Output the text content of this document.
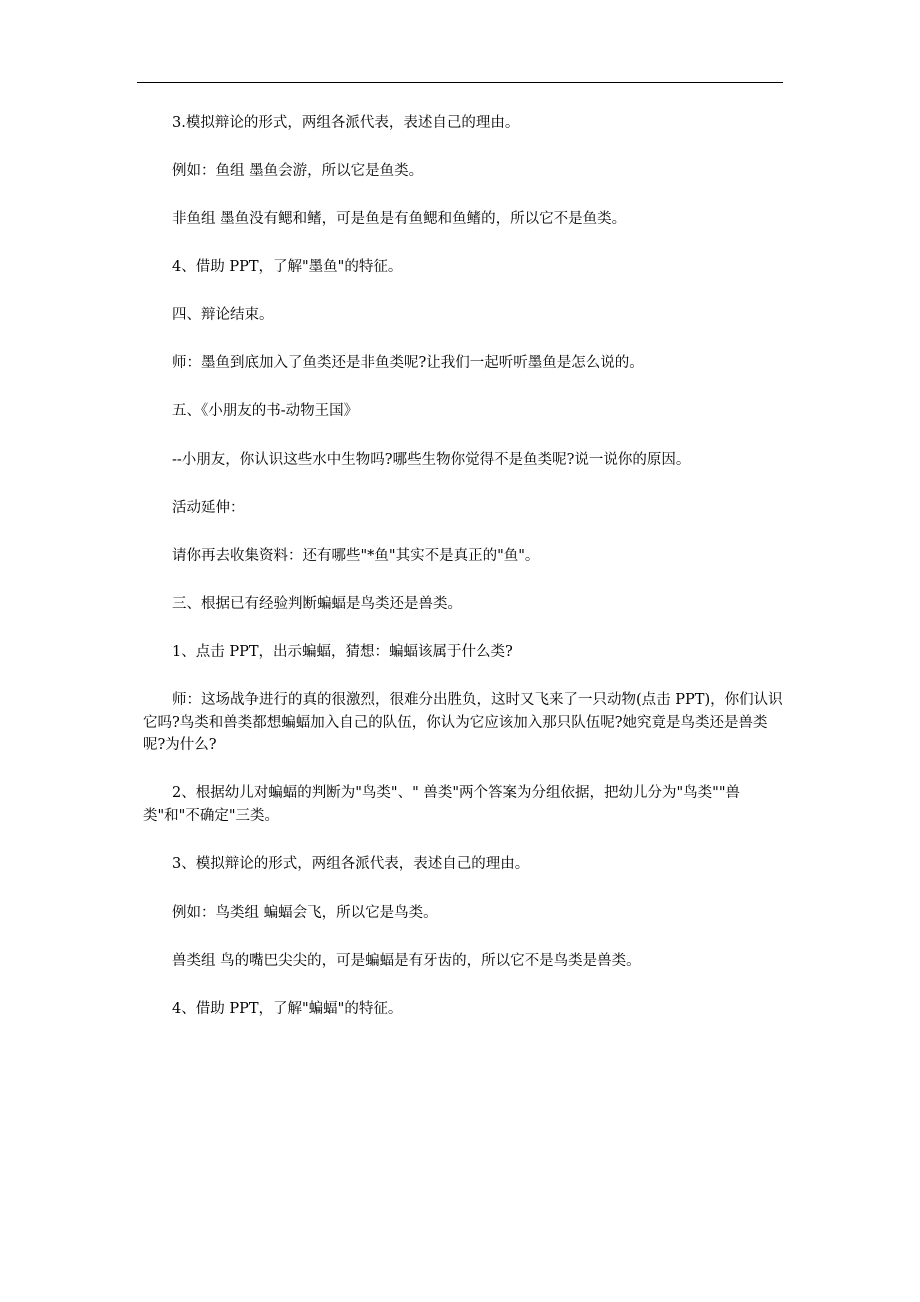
3.模拟辩论的形式，两组各派代表，表述自己的理由。

例如：鱼组 墨鱼会游，所以它是鱼类。

非鱼组 墨鱼没有鳃和鳍，可是鱼是有鱼鳃和鱼鳍的，所以它不是鱼类。

4、借助 PPT，了解"墨鱼"的特征。

四、辩论结束。

师：墨鱼到底加入了鱼类还是非鱼类呢?让我们一起听听墨鱼是怎么说的。

五、《小朋友的书-动物王国》

--小朋友，你认识这些水中生物吗?哪些生物你觉得不是鱼类呢?说一说你的原因。

活动延伸：

请你再去收集资料：还有哪些"*鱼"其实不是真正的"鱼"。

三、根据已有经验判断蝙蝠是鸟类还是兽类。

1、点击 PPT，出示蝙蝠，猜想：蝙蝠该属于什么类?

师：这场战争进行的真的很激烈，很难分出胜负，这时又飞来了一只动物(点击 PPT)，你们认识它吗?鸟类和兽类都想蝙蝠加入自己的队伍，你认为它应该加入那只队伍呢?她究竟是鸟类还是兽类呢?为什么?

2、根据幼儿对蝙蝠的判断为"鸟类"、" 兽类"两个答案为分组依据，把幼儿分为"鸟类""兽类"和"不确定"三类。

3、模拟辩论的形式，两组各派代表，表述自己的理由。

例如：鸟类组 蝙蝠会飞，所以它是鸟类。

兽类组 鸟的嘴巴尖尖的，可是蝙蝠是有牙齿的，所以它不是鸟类是兽类。

4、借助 PPT，了解"蝙蝠"的特征。
